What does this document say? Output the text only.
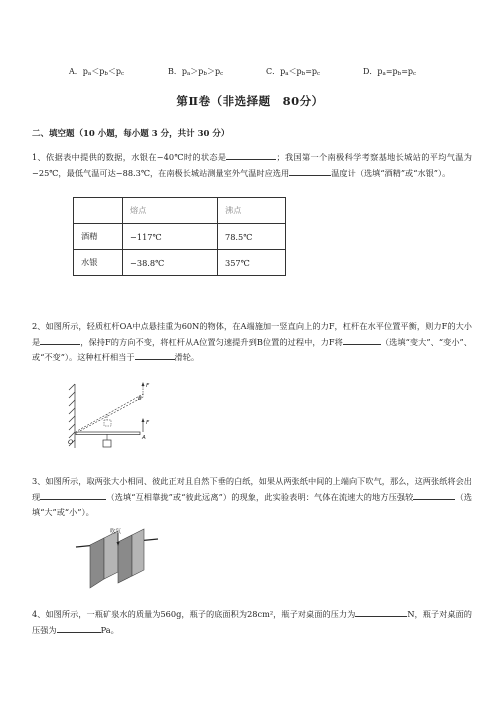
A．pa＜pb＜pc	B．pa＞pb＞pc	C．pa＜pb=pc	D．pa=pb=pc
第Ⅱ卷（非选择题　80分）
二、填空题（10 小题，每小题 3 分，共计 30 分）
1、依据表中提供的数据，水银在−40℃时的状态是	；我国第一个南极科学考察基地长城站的平均气温为−25℃，最低气温可达−88.3℃，在南极长城站测量室外气温时应选用	温度计（选填“酒精”或“水银”）。
	熔点	沸点
酒精	−117℃	78.5℃
水银	−38.8℃	357℃
2、如图所示，轻质杠杆OA中点悬挂重为60N的物体，在A端施加一竖直向上的力F，杠杆在水平位置平衡，则力F的大小是	，保持F的方向不变，将杠杆从A位置匀速提升到B位置的过程中，力F将	（选填“变大”、“变小”、或“不变”）。这种杠杆相当于	滑轮。
O	A
B
F
F
3、如图所示，取两张大小相同、彼此正对且自然下垂的白纸，如果从两张纸中间的上端向下吹气，那么，这两张纸将会出现	（选填“互相靠拢”或“彼此远离”）的现象，此实验表明：气体在流速大的地方压强较	（选填“大”或“小”）。
吹气
4、如图所示，一瓶矿泉水的质量为560g，瓶子的底面积为28cm²，瓶子对桌面的压力为	N，瓶子对桌面的压强为	Pa。
